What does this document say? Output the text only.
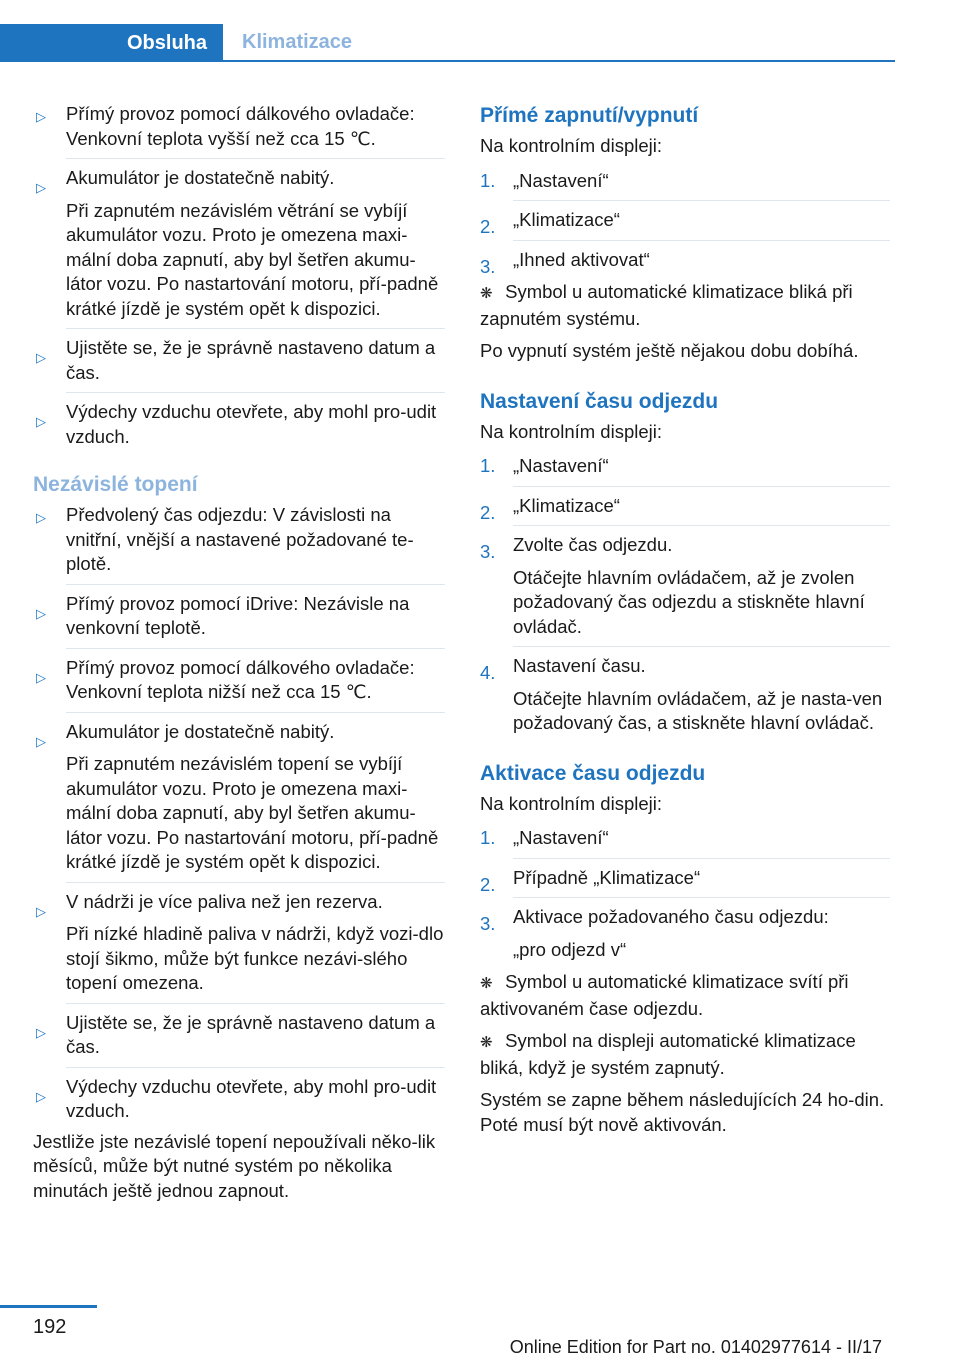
Obsluha Klimatizace
▷ Přímý provoz pomocí dálkového ovladače: Venkovní teplota vyšší než cca 15 ℃.

▷ Akumulátor je dostatečně nabitý.

Při zapnutém nezávislém větrání se vybíjí akumulátor vozu. Proto je omezena maxi‐mální doba zapnutí, aby byl šetřen akumu‐látor vozu. Po nastartování motoru, pří‐padně krátké jízdě je systém opět k dispozici.

▷ Ujistěte se, že je správně nastaveno datum a čas.

▷ Výdechy vzduchu otevřete, aby mohl pro‐udit vzduch.

Nezávislé topení
▷ Předvolený čas odjezdu: V závislosti na vnitřní, vnější a nastavené požadované te‐plotě.

▷ Přímý provoz pomocí iDrive: Nezávisle na venkovní teplotě.

▷ Přímý provoz pomocí dálkového ovladače: Venkovní teplota nižší než cca 15 ℃.

▷ Akumulátor je dostatečně nabitý.

Při zapnutém nezávislém topení se vybíjí akumulátor vozu. Proto je omezena maxi‐mální doba zapnutí, aby byl šetřen akumu‐látor vozu. Po nastartování motoru, pří‐padně krátké jízdě je systém opět k dispozici.

▷ V nádrži je více paliva než jen rezerva.

Při nízké hladině paliva v nádrži, když vozi‐dlo stojí šikmo, může být funkce nezávi‐slého topení omezena.

▷ Ujistěte se, že je správně nastaveno datum a čas.

▷ Výdechy vzduchu otevřete, aby mohl pro‐udit vzduch.

Jestliže jste nezávislé topení nepoužívali něko‐lik měsíců, může být nutné systém po několika minutách ještě jednou zapnout.

Přímé zapnutí/vypnutí

Na kontrolním displeji:

1. „Nastavení“

2. „Klimatizace“

3. „Ihned aktivovat“

❋ Symbol u automatické klimatizace bliká při zapnutém systému.

Po vypnutí systém ještě nějakou dobu dobíhá.

Nastavení času odjezdu

Na kontrolním displeji:

1. „Nastavení“

2. „Klimatizace“

3. Zvolte čas odjezdu.

Otáčejte hlavním ovládačem, až je zvolen požadovaný čas odjezdu a stiskněte hlavní ovládač.

4. Nastavení času.

Otáčejte hlavním ovládačem, až je nasta‐ven požadovaný čas, a stiskněte hlavní ovládač.

Aktivace času odjezdu

Na kontrolním displeji:

1. „Nastavení“

2. Případně „Klimatizace“

3. Aktivace požadovaného času odjezdu:

„pro odjezd v“

❋ Symbol u automatické klimatizace svítí při aktivovaném čase odjezdu.

❋ Symbol na displeji automatické klimatizace bliká, když je systém zapnutý.

Systém se zapne během následujících 24 ho‐din. Poté musí být nově aktivován.

192
Online Edition for Part no. 01402977614 - II/17
